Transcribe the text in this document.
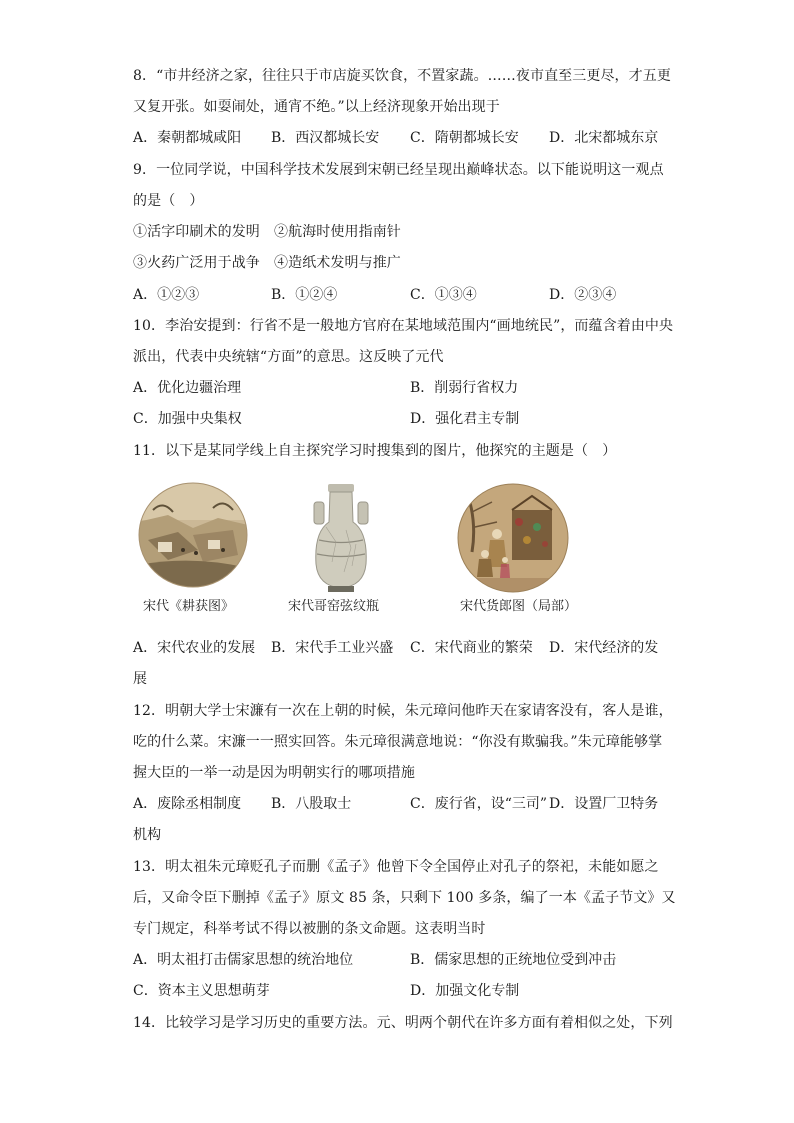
8．“市井经济之家，往往只于市店旋买饮食，不置家蔬。……夜市直至三更尽，才五更
又复开张。如耍闹处，通宵不绝。”以上经济现象开始出现于
A．秦朝都城咸阳 B．西汉都城长安 C．隋朝都城长安 D．北宋都城东京
9．一位同学说，中国科学技术发展到宋朝已经呈现出巅峰状态。以下能说明这一观点
的是（　）
①活字印刷术的发明　②航海时使用指南针
③火药广泛用于战争　④造纸术发明与推广
A．①②③	B．①②④	C．①③④	D．②③④
10．李治安提到：行省不是一般地方官府在某地域范围内“画地统民”，而蕴含着由中央
派出，代表中央统辖“方面”的意思。这反映了元代
A．优化边疆治理	B．削弱行省权力
C．加强中央集权	D．强化君主专制
11．以下是某同学线上自主探究学习时搜集到的图片，他探究的主题是（　）
宋代《耕获图》	宋代哥窑弦纹瓶	宋代货郎图（局部）
A．宋代农业的发展 B．宋代手工业兴盛 C．宋代商业的繁荣 D．宋代经济的发
展
12．明朝大学士宋濂有一次在上朝的时候，朱元璋问他昨天在家请客没有，客人是谁，
吃的什么菜。宋濂一一照实回答。朱元璋很满意地说：“你没有欺骗我。”朱元璋能够掌
握大臣的一举一动是因为明朝实行的哪项措施
A．废除丞相制度 B．八股取士	C．废行省，设“三司” D．设置厂卫特务
机构
13．明太祖朱元璋贬孔子而删《孟子》他曾下令全国停止对孔子的祭祀，未能如愿之
后，又命令臣下删掉《孟子》原文 85 条，只剩下 100 多条，编了一本《孟子节文》又
专门规定，科举考试不得以被删的条文命题。这表明当时
A．明太祖打击儒家思想的统治地位	B．儒家思想的正统地位受到冲击
C．资本主义思想萌芽	D．加强文化专制
14．比较学习是学习历史的重要方法。元、明两个朝代在许多方面有着相似之处，下列
